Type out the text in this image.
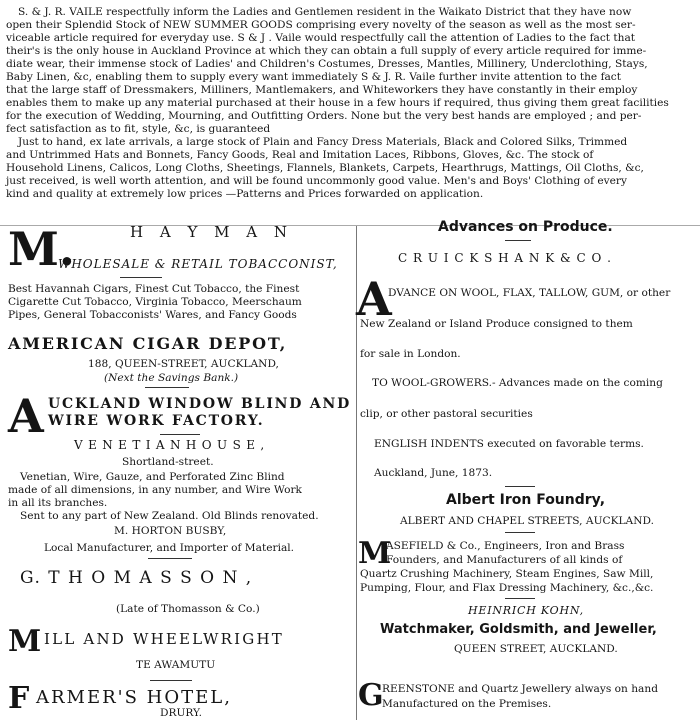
S. & J. R. VAILE respectfully inform the Ladies and Gentlemen resident in the Waikato District that they have now

open their Splendid Stock of NEW SUMMER GOODS comprising every novelty of the season as well as the most ser-

viceable article required for everyday use. S & J . Vaile would respectfully call the attention of Ladies to the fact that

their's is the only house in Auckland Province at which they can obtain a full supply of every article required for imme-

diate wear, their immense stock of Ladies' and Children's Costumes, Dresses, Mantles, Millinery, Underclothing, Stays,

Baby Linen, &c, enabling them to supply every want immediately S & J. R. Vaile further invite attention to the fact

that the large staff of Dressmakers, Milliners, Mantlemakers, and Whiteworkers they have constantly in their employ

enables them to make up any material purchased at their house in a few hours if required, thus giving them great facilities

for the execution of Wedding, Mourning, and Outfitting Orders. None but the very best hands are employed ; and per-

fect satisfaction as to fit, style, &c, is guaranteed

Just to hand, ex late arrivals, a large stock of Plain and Fancy Dress Materials, Black and Colored Silks, Trimmed

and Untrimmed Hats and Bonnets, Fancy Goods, Real and Imitation Laces, Ribbons, Gloves, &c. The stock of

Household Linens, Calicos, Long Cloths, Sheetings, Flannels, Blankets, Carpets, Hearthrugs, Mattings, Oil Cloths, &c,

just received, is well worth attention, and will be found uncommonly good value. Men's and Boys' Clothing of every

kind and quality at extremely low prices —Patterns and Prices forwarded on application.

M.	H A Y M A N
WHOLESALE & RETAIL TOBACCONIST,

Best Havannah Cigars, Finest Cut Tobacco, the Finest

Cigarette Cut Tobacco, Virginia Tobacco, Meerschaum

Pipes, General Tobacconists' Wares, and Fancy Goods

AMERICAN CIGAR DEPOT,

188, QUEEN-STREET, AUCKLAND,

(Next the Savings Bank.)

A UCKLAND WINDOW BLIND AND
WIRE WORK FACTORY.
V E N E T I A N H O U S E ,

Shortland-street.

Venetian, Wire, Gauze, and Perforated Zinc Blind

made of all dimensions, in any number, and Wire Work

in all its branches.

Sent to any part of New Zealand. Old Blinds renovated.

M. HORTON BUSBY,

Local Manufacturer, and Importer of Material.

G. T H O M A S S O N ,

(Late of Thomasson & Co.)

M ILL AND WHEELWRIGHT

TE AWAMUTU

F ARMER'S HOTEL,

DRURY.

Advances on Produce.
C R U I C K S H A N K & C O .
A

DVANCE ON WOOL, FLAX, TALLOW, GUM, or other

New Zealand or Island Produce consigned to them

for sale in London.

TO WOOL-GROWERS.- Advances made on the coming

clip, or other pastoral securities

ENGLISH INDENTS executed on favorable terms.

Auckland, June, 1873.

Albert Iron Foundry,

ALBERT AND CHAPEL STREETS, AUCKLAND.

M

ASEFIELD & Co., Engineers, Iron and Brass

Founders, and Manufacturers of all kinds of

Quartz Crushing Machinery, Steam Engines, Saw Mill,

Pumping, Flour, and Flax Dressing Machinery, &c.,&c.

HEINRICH KOHN,
Watchmaker, Goldsmith, and Jeweller,

QUEEN STREET, AUCKLAND.

G

REENSTONE and Quartz Jewellery always on hand

Manufactured on the Premises.
